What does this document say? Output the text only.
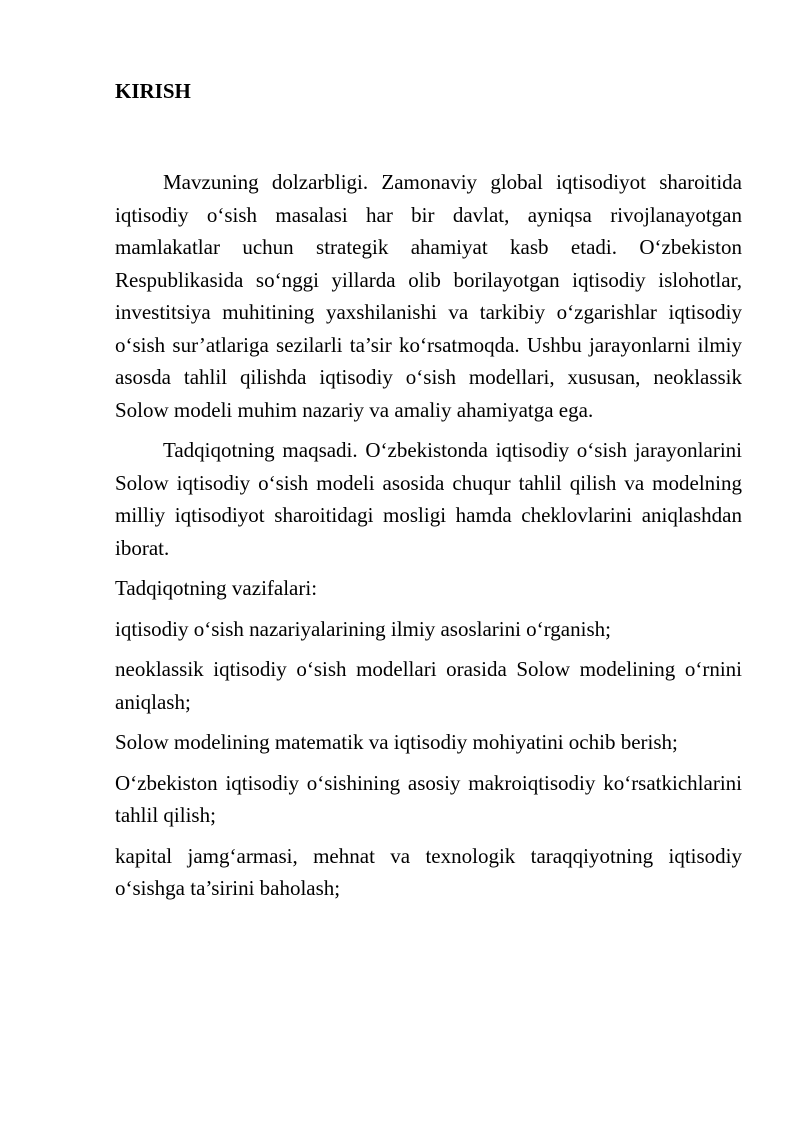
KIRISH

Mavzuning dolzarbligi. Zamonaviy global iqtisodiyot sharoitida iqtisodiy o‘sish masalasi har bir davlat, ayniqsa rivojlanayotgan mamlakatlar uchun strategik ahamiyat kasb etadi. O‘zbekiston Respublikasida so‘nggi yillarda olib borilayotgan iqtisodiy islohotlar, investitsiya muhitining yaxshilanishi va tarkibiy o‘zgarishlar iqtisodiy o‘sish sur’atlariga sezilarli ta’sir ko‘rsatmoqda. Ushbu jarayonlarni ilmiy asosda tahlil qilishda iqtisodiy o‘sish modellari, xususan, neoklassik Solow modeli muhim nazariy va amaliy ahamiyatga ega.

Tadqiqotning maqsadi. O‘zbekistonda iqtisodiy o‘sish jarayonlarini Solow iqtisodiy o‘sish modeli asosida chuqur tahlil qilish va modelning milliy iqtisodiyot sharoitidagi mosligi hamda cheklovlarini aniqlashdan iborat.

Tadqiqotning vazifalari:

iqtisodiy o‘sish nazariyalarining ilmiy asoslarini o‘rganish;

neoklassik iqtisodiy o‘sish modellari orasida Solow modelining o‘rnini aniqlash;

Solow modelining matematik va iqtisodiy mohiyatini ochib berish;

O‘zbekiston iqtisodiy o‘sishining asosiy makroiqtisodiy ko‘rsatkichlarini tahlil qilish;

kapital jamg‘armasi, mehnat va texnologik taraqqiyotning iqtisodiy o‘sishga ta’sirini baholash;
